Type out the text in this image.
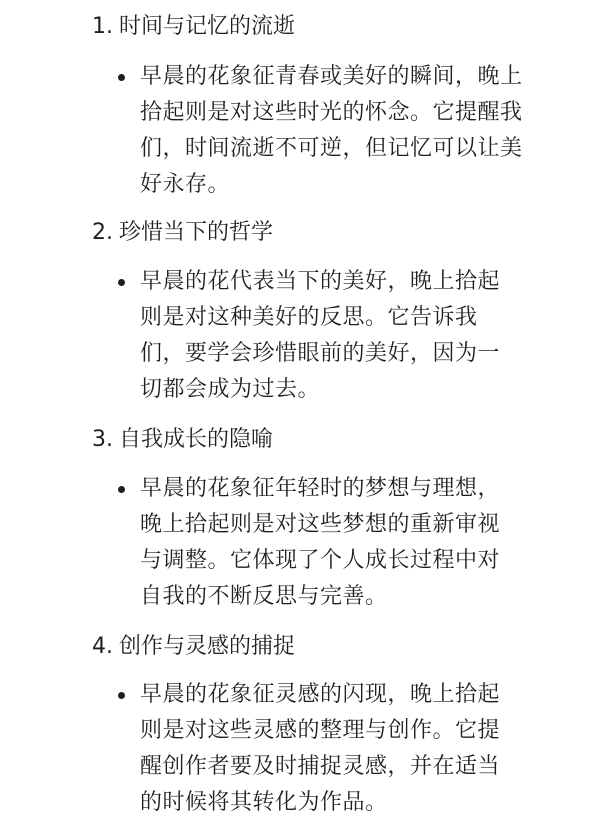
1. 时间与记忆的流逝
早晨的花象征青春或美好的瞬间，晚上
拾起则是对这些时光的怀念。它提醒我
们，时间流逝不可逆，但记忆可以让美
好永存。
2. 珍惜当下的哲学
早晨的花代表当下的美好，晚上拾起
则是对这种美好的反思。它告诉我
们，要学会珍惜眼前的美好，因为一
切都会成为过去。
3. 自我成长的隐喻
早晨的花象征年轻时的梦想与理想，
晚上拾起则是对这些梦想的重新审视
与调整。它体现了个人成长过程中对
自我的不断反思与完善。
4. 创作与灵感的捕捉
早晨的花象征灵感的闪现，晚上拾起
则是对这些灵感的整理与创作。它提
醒创作者要及时捕捉灵感，并在适当
的时候将其转化为作品。
